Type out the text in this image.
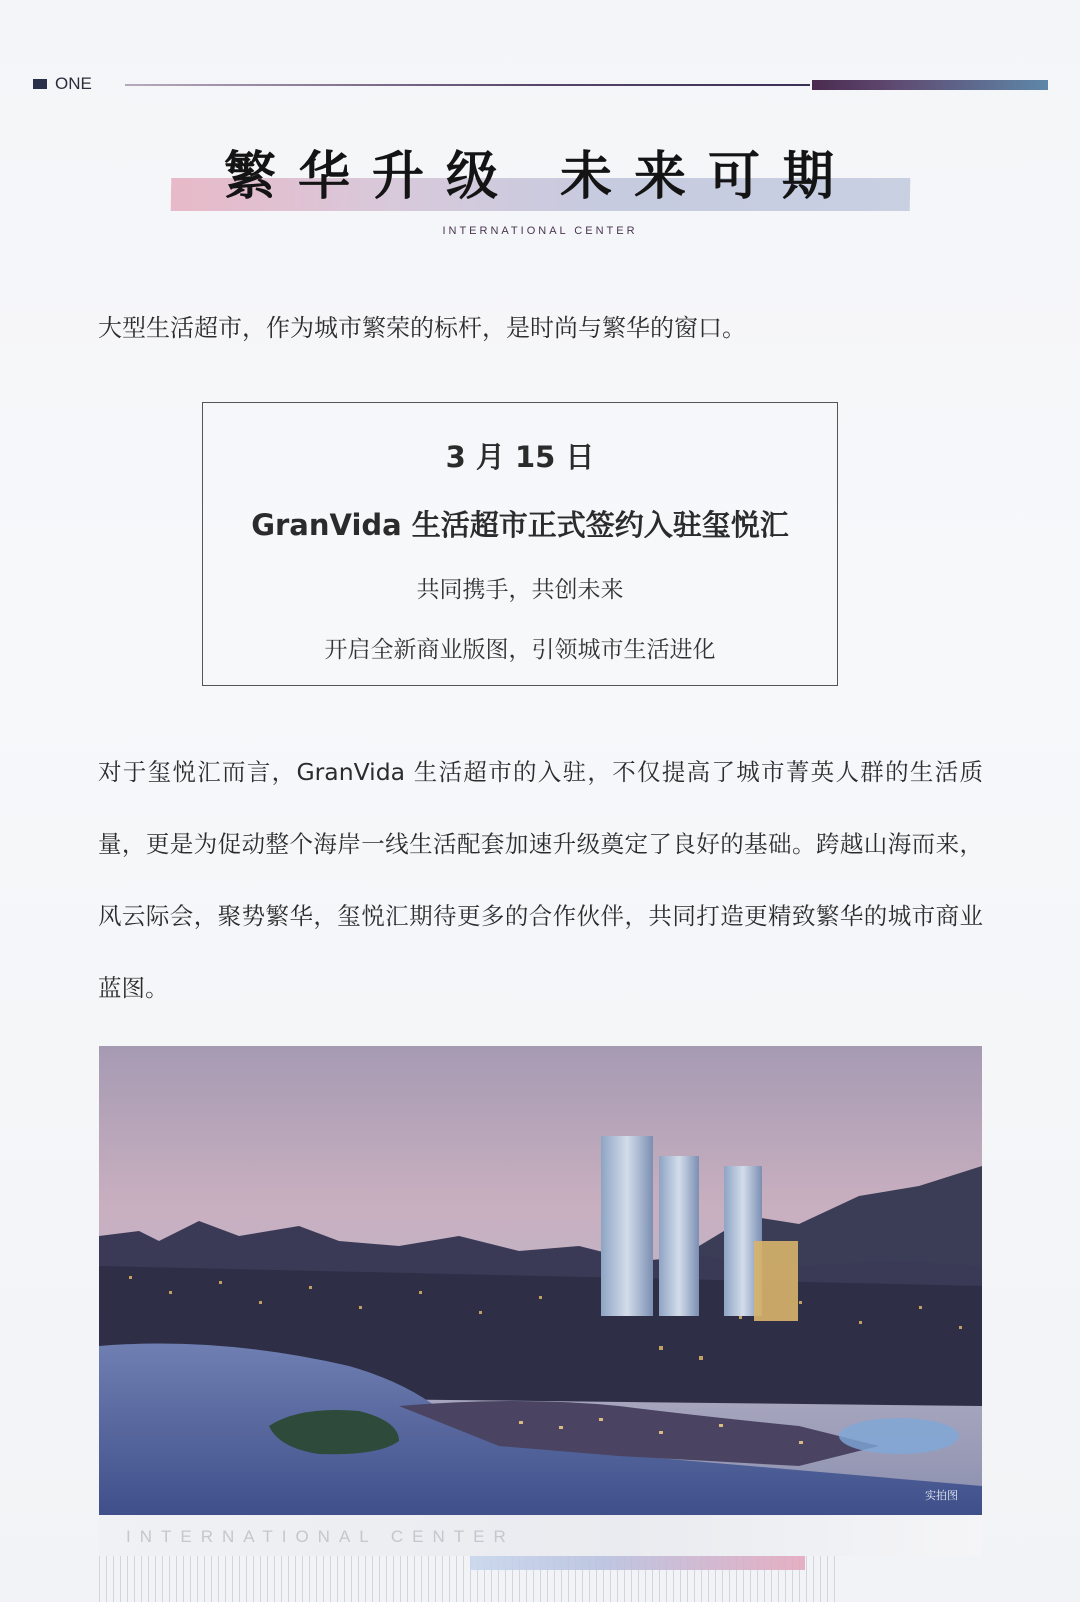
ONE
繁华升级 未来可期
INTERNATIONAL CENTER
大型生活超市，作为城市繁荣的标杆，是时尚与繁华的窗口。
3 月 15 日
GranVida 生活超市正式签约入驻玺悦汇
共同携手，共创未来
开启全新商业版图，引领城市生活进化
对于玺悦汇而言，GranVida 生活超市的入驻，不仅提高了城市菁英人群的生活质量，更是为促动整个海岸一线生活配套加速升级奠定了良好的基础。跨越山海而来，风云际会，聚势繁华，玺悦汇期待更多的合作伙伴，共同打造更精致繁华的城市商业蓝图。
实拍图
INTERNATIONAL CENTER
